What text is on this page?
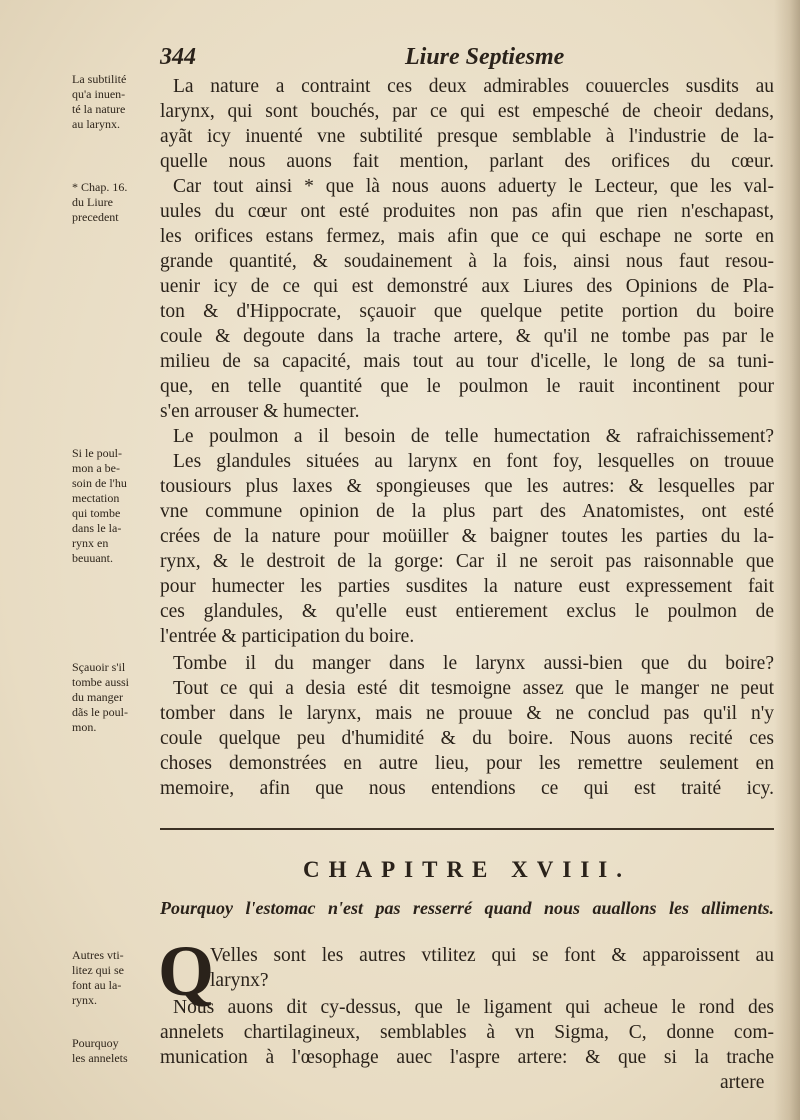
344	Liure Septiesme
La subtilité
qu'a inuen-
té la nature
au larynx.
* Chap. 16.
du Liure
precedent
Si le poul-
mon a be-
soin de l'hu
mectation
qui tombe
dans le la-
rynx en
beuuant.
Sçauoir s'il
tombe aussi
du manger
dãs le poul-
mon.
Autres vti-
litez qui se
font au la-
rynx.
Pourquoy
les annelets
La nature a contraint ces deux admirables couuercles susdits au
larynx, qui sont bouchés, par ce qui est empesché de cheoir dedans,
ayãt icy inuenté vne subtilité presque semblable à l'industrie de la-
quelle nous auons fait mention, parlant des orifices du cœur.
Car tout ainsi * que là nous auons aduerty le Lecteur, que les val-
uules du cœur ont esté produites non pas afin que rien n'eschapast,
les orifices estans fermez, mais afin que ce qui eschape ne sorte en
grande quantité, & soudainement à la fois, ainsi nous faut resou-
uenir icy de ce qui est demonstré aux Liures des Opinions de Pla-
ton & d'Hippocrate, sçauoir que quelque petite portion du boire
coule & degoute dans la trache artere, & qu'il ne tombe pas par le
milieu de sa capacité, mais tout au tour d'icelle, le long de sa tuni-
que, en telle quantité que le poulmon le rauit incontinent pour
s'en arrouser & humecter.
Le poulmon a il besoin de telle humectation & rafraichissement?
Les glandules situées au larynx en font foy, lesquelles on trouue
tousiours plus laxes & spongieuses que les autres: & lesquelles par
vne commune opinion de la plus part des Anatomistes, ont esté
crées de la nature pour moüiller & baigner toutes les parties du la-
rynx, & le destroit de la gorge: Car il ne seroit pas raisonnable que
pour humecter les parties susdites la nature eust expressement fait
ces glandules, & qu'elle eust entierement exclus le poulmon de
l'entrée & participation du boire.
Tombe il du manger dans le larynx aussi-bien que du boire?
Tout ce qui a desia esté dit tesmoigne assez que le manger ne peut
tomber dans le larynx, mais ne prouue & ne conclud pas qu'il n'y
coule quelque peu d'humidité & du boire. Nous auons recité ces
choses demonstrées en autre lieu, pour les remettre seulement en
memoire, afin que nous entendions ce qui est traité icy.
CHAPITRE XVIII.
Pourquoy l'estomac n'est pas resserré quand nous auallons les alliments.
Q
Velles sont les autres vtilitez qui se font & apparoissent au
larynx?
Nous auons dit cy-dessus, que le ligament qui acheue le rond des
annelets chartilagineux, semblables à vn Sigma, C, donne com-
munication à l'œsophage auec l'aspre artere: & que si la trache
artere
